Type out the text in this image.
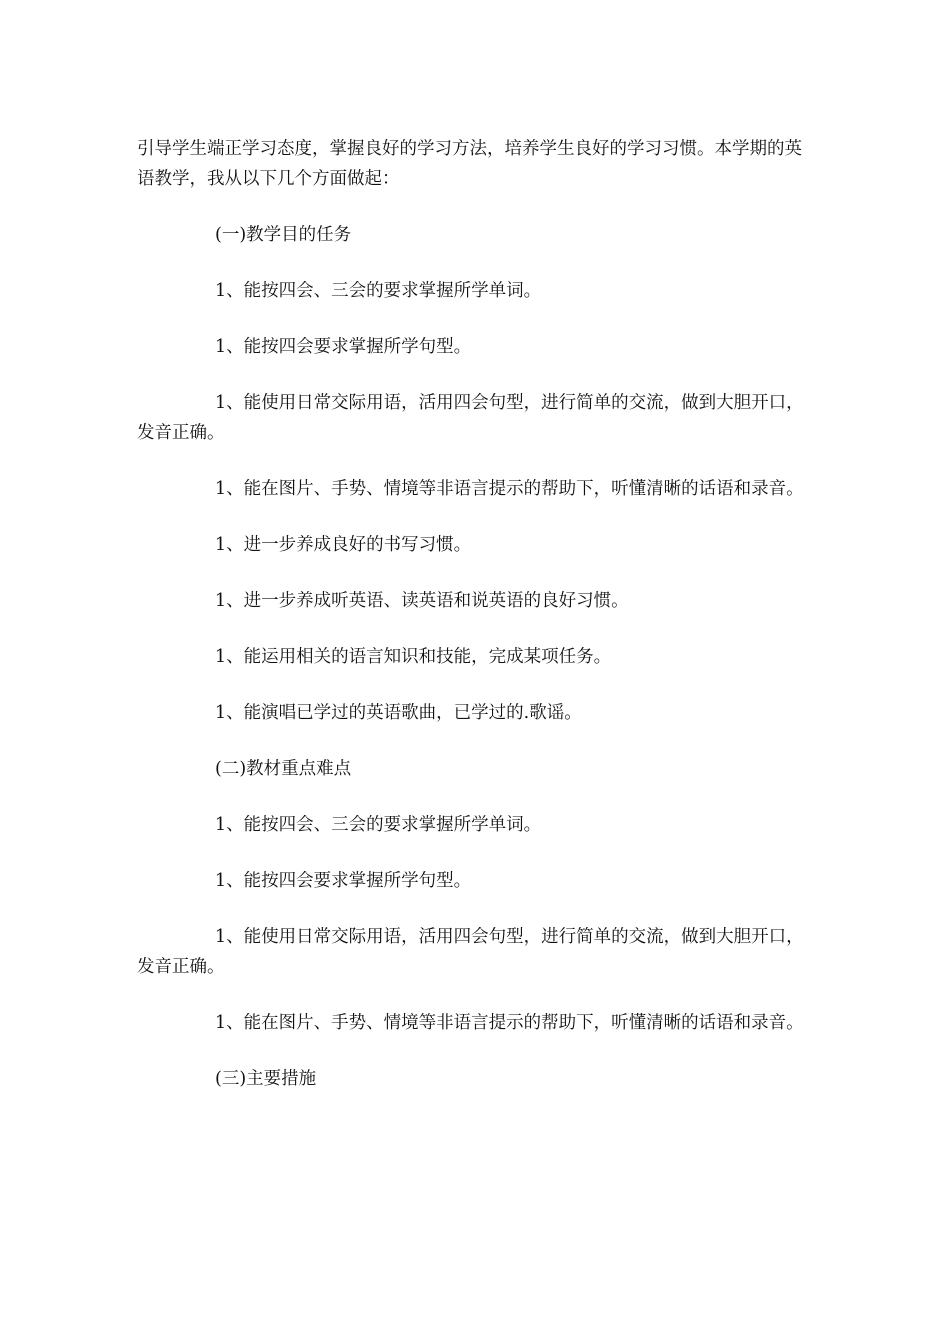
引导学生端正学习态度，掌握良好的学习方法，培养学生良好的学习习惯。本学期的英语教学，我从以下几个方面做起：

(一)教学目的任务

1、能按四会、三会的要求掌握所学单词。

1、能按四会要求掌握所学句型。

1、能使用日常交际用语，活用四会句型，进行简单的交流，做到大胆开口，发音正确。

1、能在图片、手势、情境等非语言提示的帮助下，听懂清晰的话语和录音。

1、进一步养成良好的书写习惯。

1、进一步养成听英语、读英语和说英语的良好习惯。

1、能运用相关的语言知识和技能，完成某项任务。

1、能演唱已学过的英语歌曲，已学过的.歌谣。

(二)教材重点难点

1、能按四会、三会的要求掌握所学单词。

1、能按四会要求掌握所学句型。

1、能使用日常交际用语，活用四会句型，进行简单的交流，做到大胆开口，发音正确。

1、能在图片、手势、情境等非语言提示的帮助下，听懂清晰的话语和录音。

(三)主要措施
